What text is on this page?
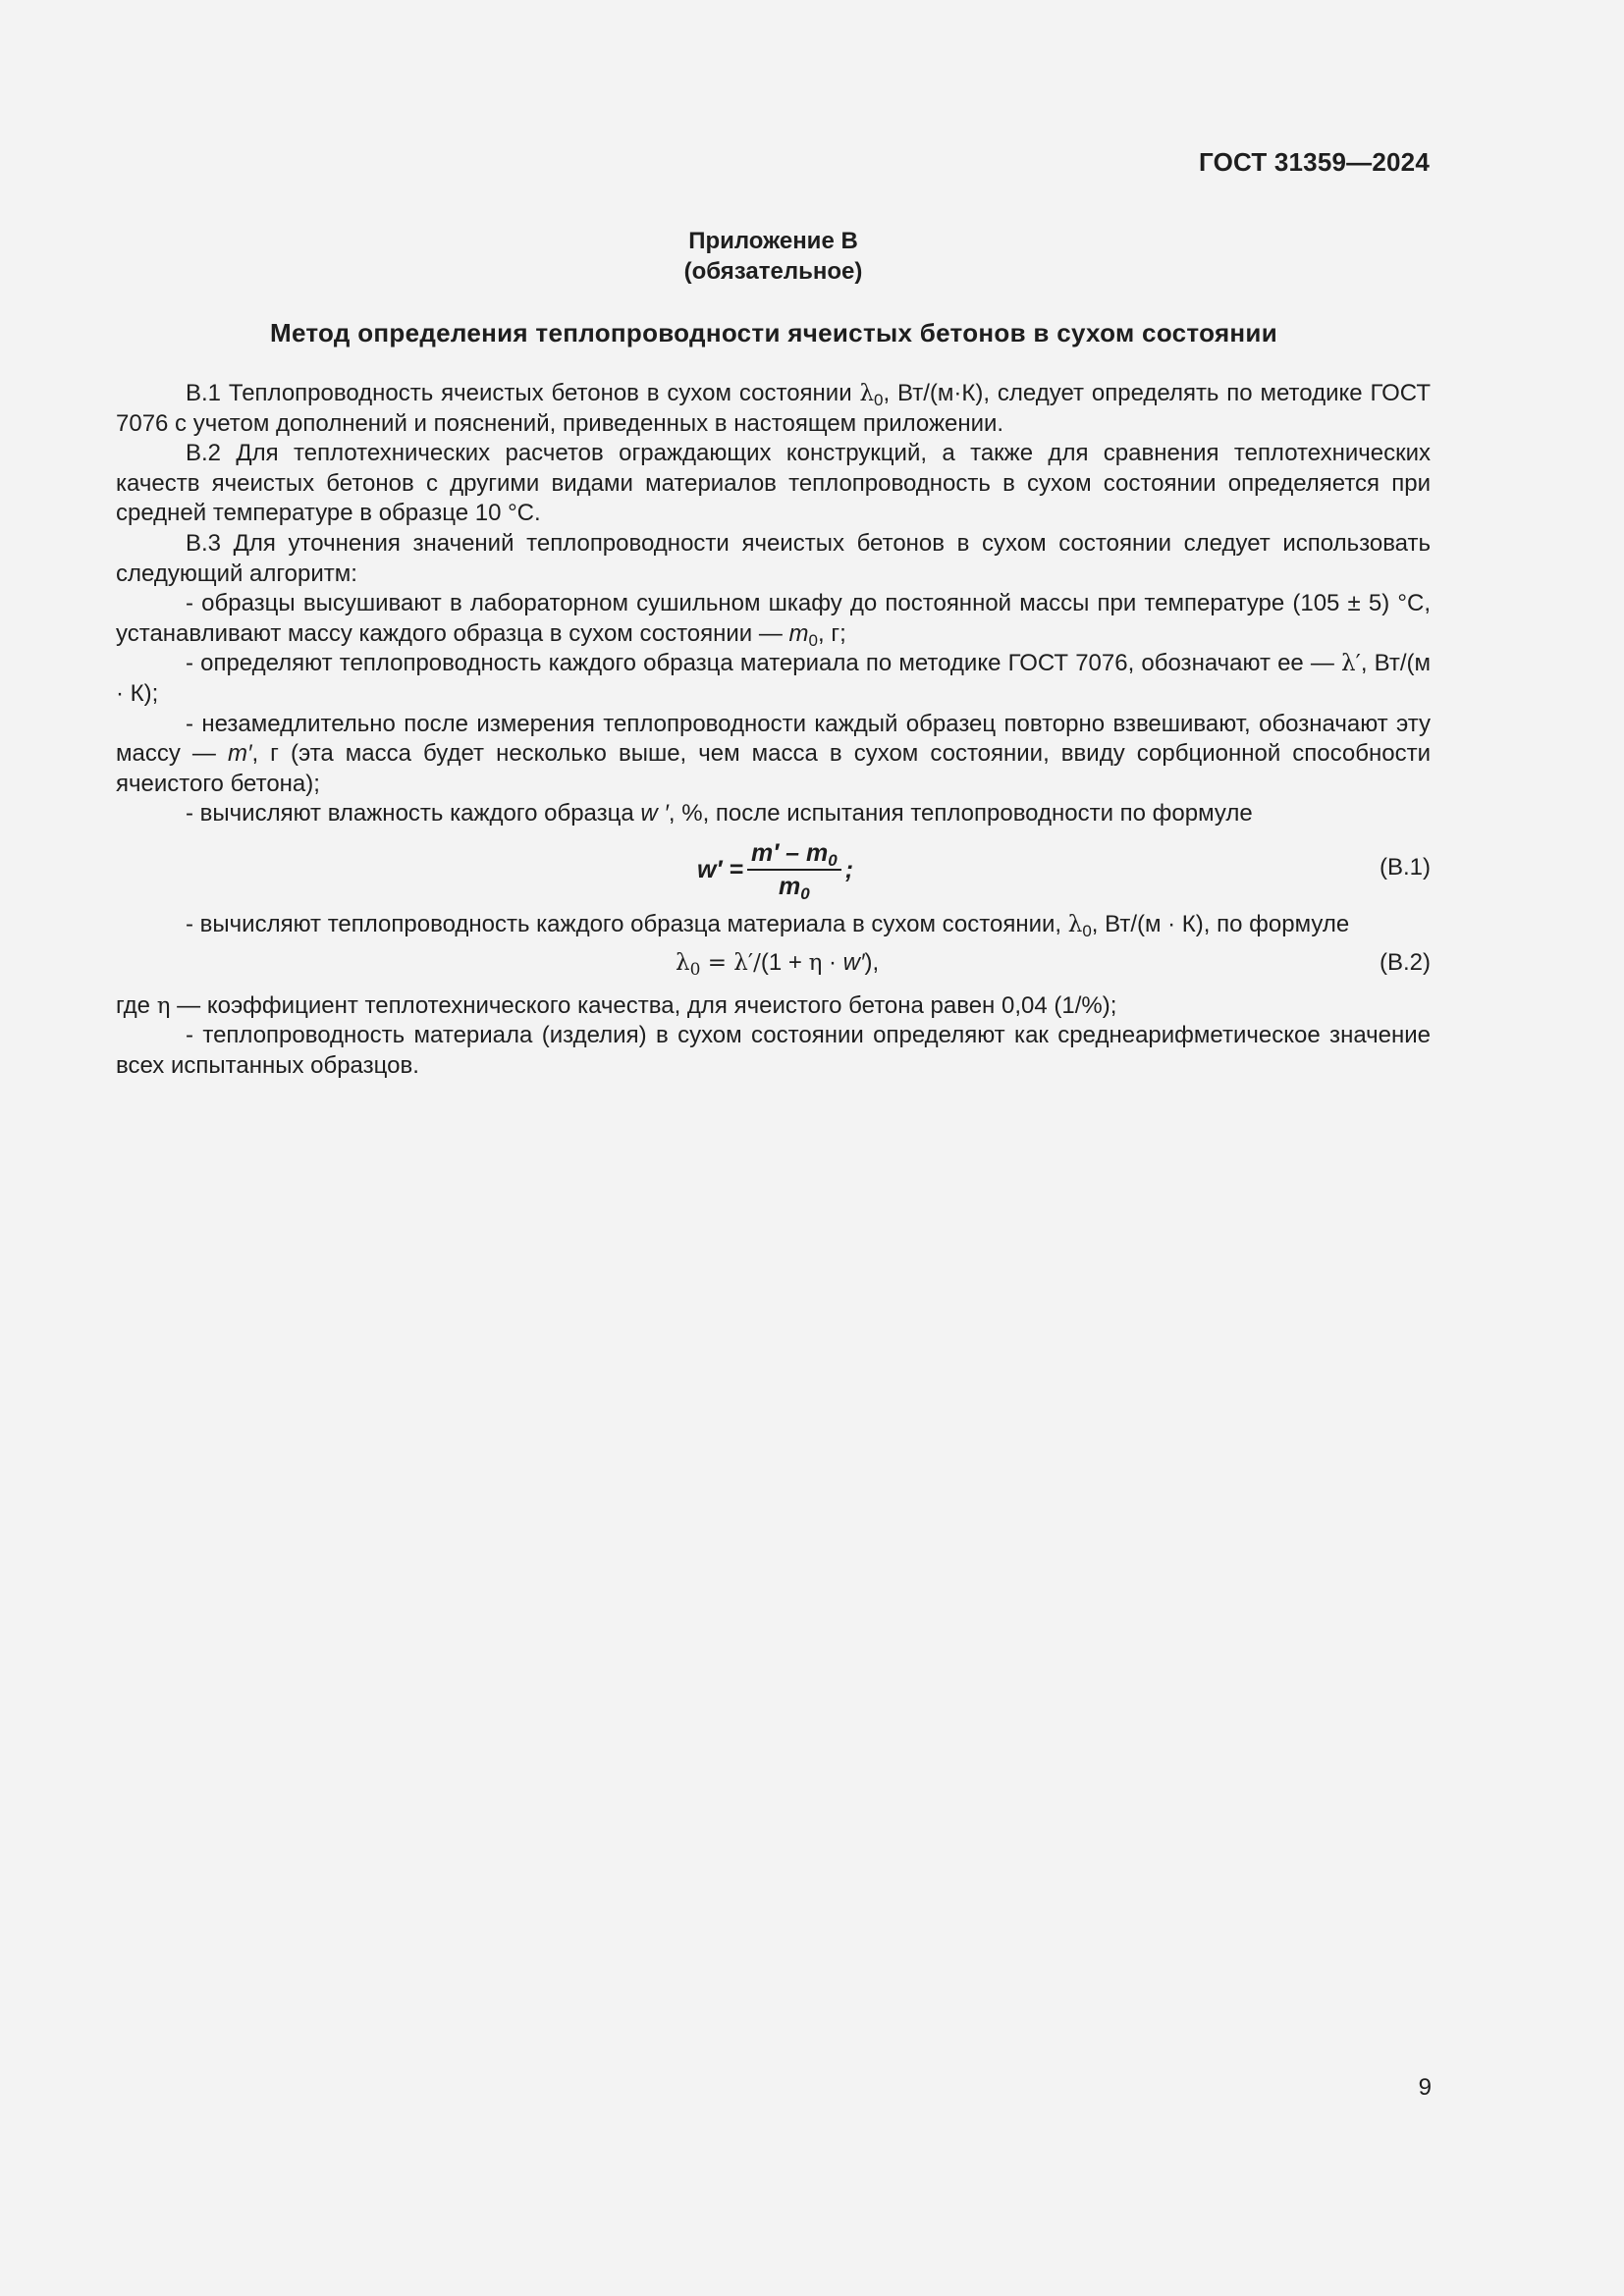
ГОСТ 31359—2024
Приложение В
(обязательное)
Метод определения теплопроводности ячеистых бетонов в сухом состоянии

В.1 Теплопроводность ячеистых бетонов в сухом состоянии $\lambda_0$, Вт/(м·К), следует определять по методике ГОСТ 7076 с учетом дополнений и пояснений, приведенных в настоящем приложении.

В.2 Для теплотехнических расчетов ограждающих конструкций, а также для сравнения теплотехнических качеств ячеистых бетонов с другими видами материалов теплопроводность в сухом состоянии определяется при средней температуре в образце 10 °С.

В.3 Для уточнения значений теплопроводности ячеистых бетонов в сухом состоянии следует использовать следующий алгоритм:

- образцы высушивают в лабораторном сушильном шкафу до постоянной массы при температуре (105 ± 5) °С, устанавливают массу каждого образца в сухом состоянии — $m_0$, г;

- определяют теплопроводность каждого образца материала по методике ГОСТ 7076, обозначают ее — λ′, Вт/(м · К);

- незамедлительно после измерения теплопроводности каждый образец повторно взвешивают, обозначают эту массу — m′, г (эта масса будет несколько выше, чем масса в сухом состоянии, ввиду сорбционной способности ячеистого бетона);

- вычисляют влажность каждого образца w ′, %, после испытания теплопроводности по формуле

$w' = \frac{m' - m_0}{m_0}$ ;	(В.1)

- вычисляют теплопроводность каждого образца материала в сухом состоянии, $\lambda_0$, Вт/(м · К), по формуле

$\lambda_0 = \lambda'/(1 + \eta \cdot w')$,	(В.2)

где η — коэффициент теплотехнического качества, для ячеистого бетона равен 0,04 (1/%);

- теплопроводность материала (изделия) в сухом состоянии определяют как среднеарифметическое значение всех испытанных образцов.

9
